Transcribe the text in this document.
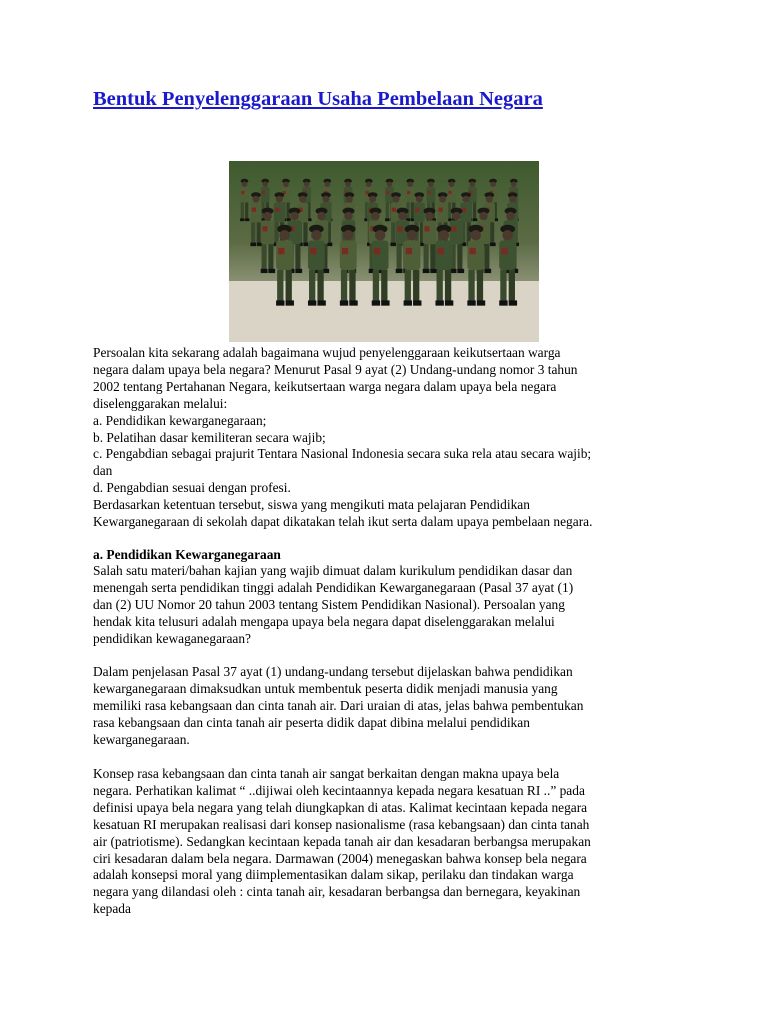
Bentuk Penyelenggaraan Usaha Pembelaan Negara
Persoalan kita sekarang adalah bagaimana wujud penyelenggaraan keikutsertaan warga
negara dalam upaya bela negara? Menurut Pasal 9 ayat (2) Undang-undang nomor 3 tahun
2002 tentang Pertahanan Negara, keikutsertaan warga negara dalam upaya bela negara
diselenggarakan melalui:
a. Pendidikan kewarganegaraan;
b. Pelatihan dasar kemiliteran secara wajib;
c. Pengabdian sebagai prajurit Tentara Nasional Indonesia secara suka rela atau secara wajib;
dan
d. Pengabdian sesuai dengan profesi.
Berdasarkan ketentuan tersebut, siswa yang mengikuti mata pelajaran Pendidikan
Kewarganegaraan di sekolah dapat dikatakan telah ikut serta dalam upaya pembelaan negara.
a. Pendidikan Kewarganegaraan
Salah satu materi/bahan kajian yang wajib dimuat dalam kurikulum pendidikan dasar dan
menengah serta pendidikan tinggi adalah Pendidikan Kewarganegaraan (Pasal 37 ayat (1)
dan (2) UU Nomor 20 tahun 2003 tentang Sistem Pendidikan Nasional). Persoalan yang
hendak kita telusuri adalah mengapa upaya bela negara dapat diselenggarakan melalui
pendidikan kewaganegaraan?
Dalam penjelasan Pasal 37 ayat (1) undang-undang tersebut dijelaskan bahwa pendidikan
kewarganegaraan dimaksudkan untuk membentuk peserta didik menjadi manusia yang
memiliki rasa kebangsaan dan cinta tanah air. Dari uraian di atas, jelas bahwa pembentukan
rasa kebangsaan dan cinta tanah air peserta didik dapat dibina melalui pendidikan
kewarganegaraan.
Konsep rasa kebangsaan dan cinta tanah air sangat berkaitan dengan makna upaya bela
negara. Perhatikan kalimat “ ..dijiwai oleh kecintaannya kepada negara kesatuan RI ..” pada
definisi upaya bela negara yang telah diungkapkan di atas. Kalimat kecintaan kepada negara
kesatuan RI merupakan realisasi dari konsep nasionalisme (rasa kebangsaan) dan cinta tanah
air (patriotisme). Sedangkan kecintaan kepada tanah air dan kesadaran berbangsa merupakan
ciri kesadaran dalam bela negara. Darmawan (2004) menegaskan bahwa konsep bela negara
adalah konsepsi moral yang diimplementasikan dalam sikap, perilaku dan tindakan warga
negara yang dilandasi oleh : cinta tanah air, kesadaran berbangsa dan bernegara, keyakinan
kepada
